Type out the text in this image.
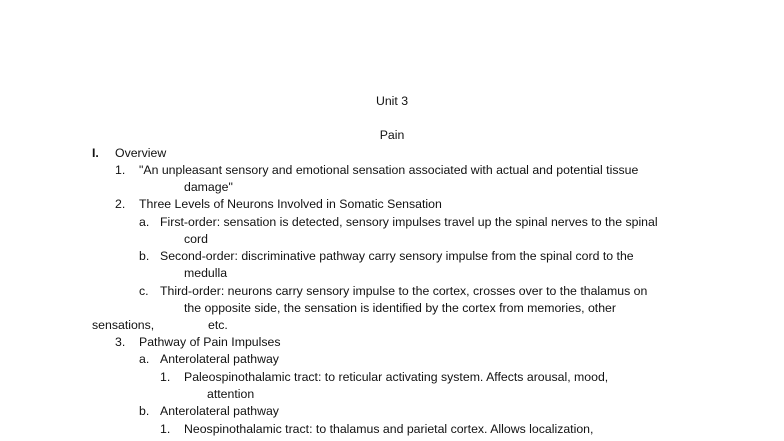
Unit 3
Pain
I. Overview
1. "An unpleasant sensory and emotional sensation associated with actual and potential tissue
damage"
2. Three Levels of Neurons Involved in Somatic Sensation
a. First-order: sensation is detected, sensory impulses travel up the spinal nerves to the spinal
cord
b. Second-order: discriminative pathway carry sensory impulse from the spinal cord to the
medulla
c. Third-order: neurons carry sensory impulse to the cortex, crosses over to the thalamus on
the opposite side, the sensation is identified by the cortex from memories, other
sensations,	etc.
3. Pathway of Pain Impulses
a. Anterolateral pathway
1. Paleospinothalamic tract: to reticular activating system. Affects arousal, mood,
attention
b. Anterolateral pathway
1. Neospinothalamic tract: to thalamus and parietal cortex. Allows localization,
